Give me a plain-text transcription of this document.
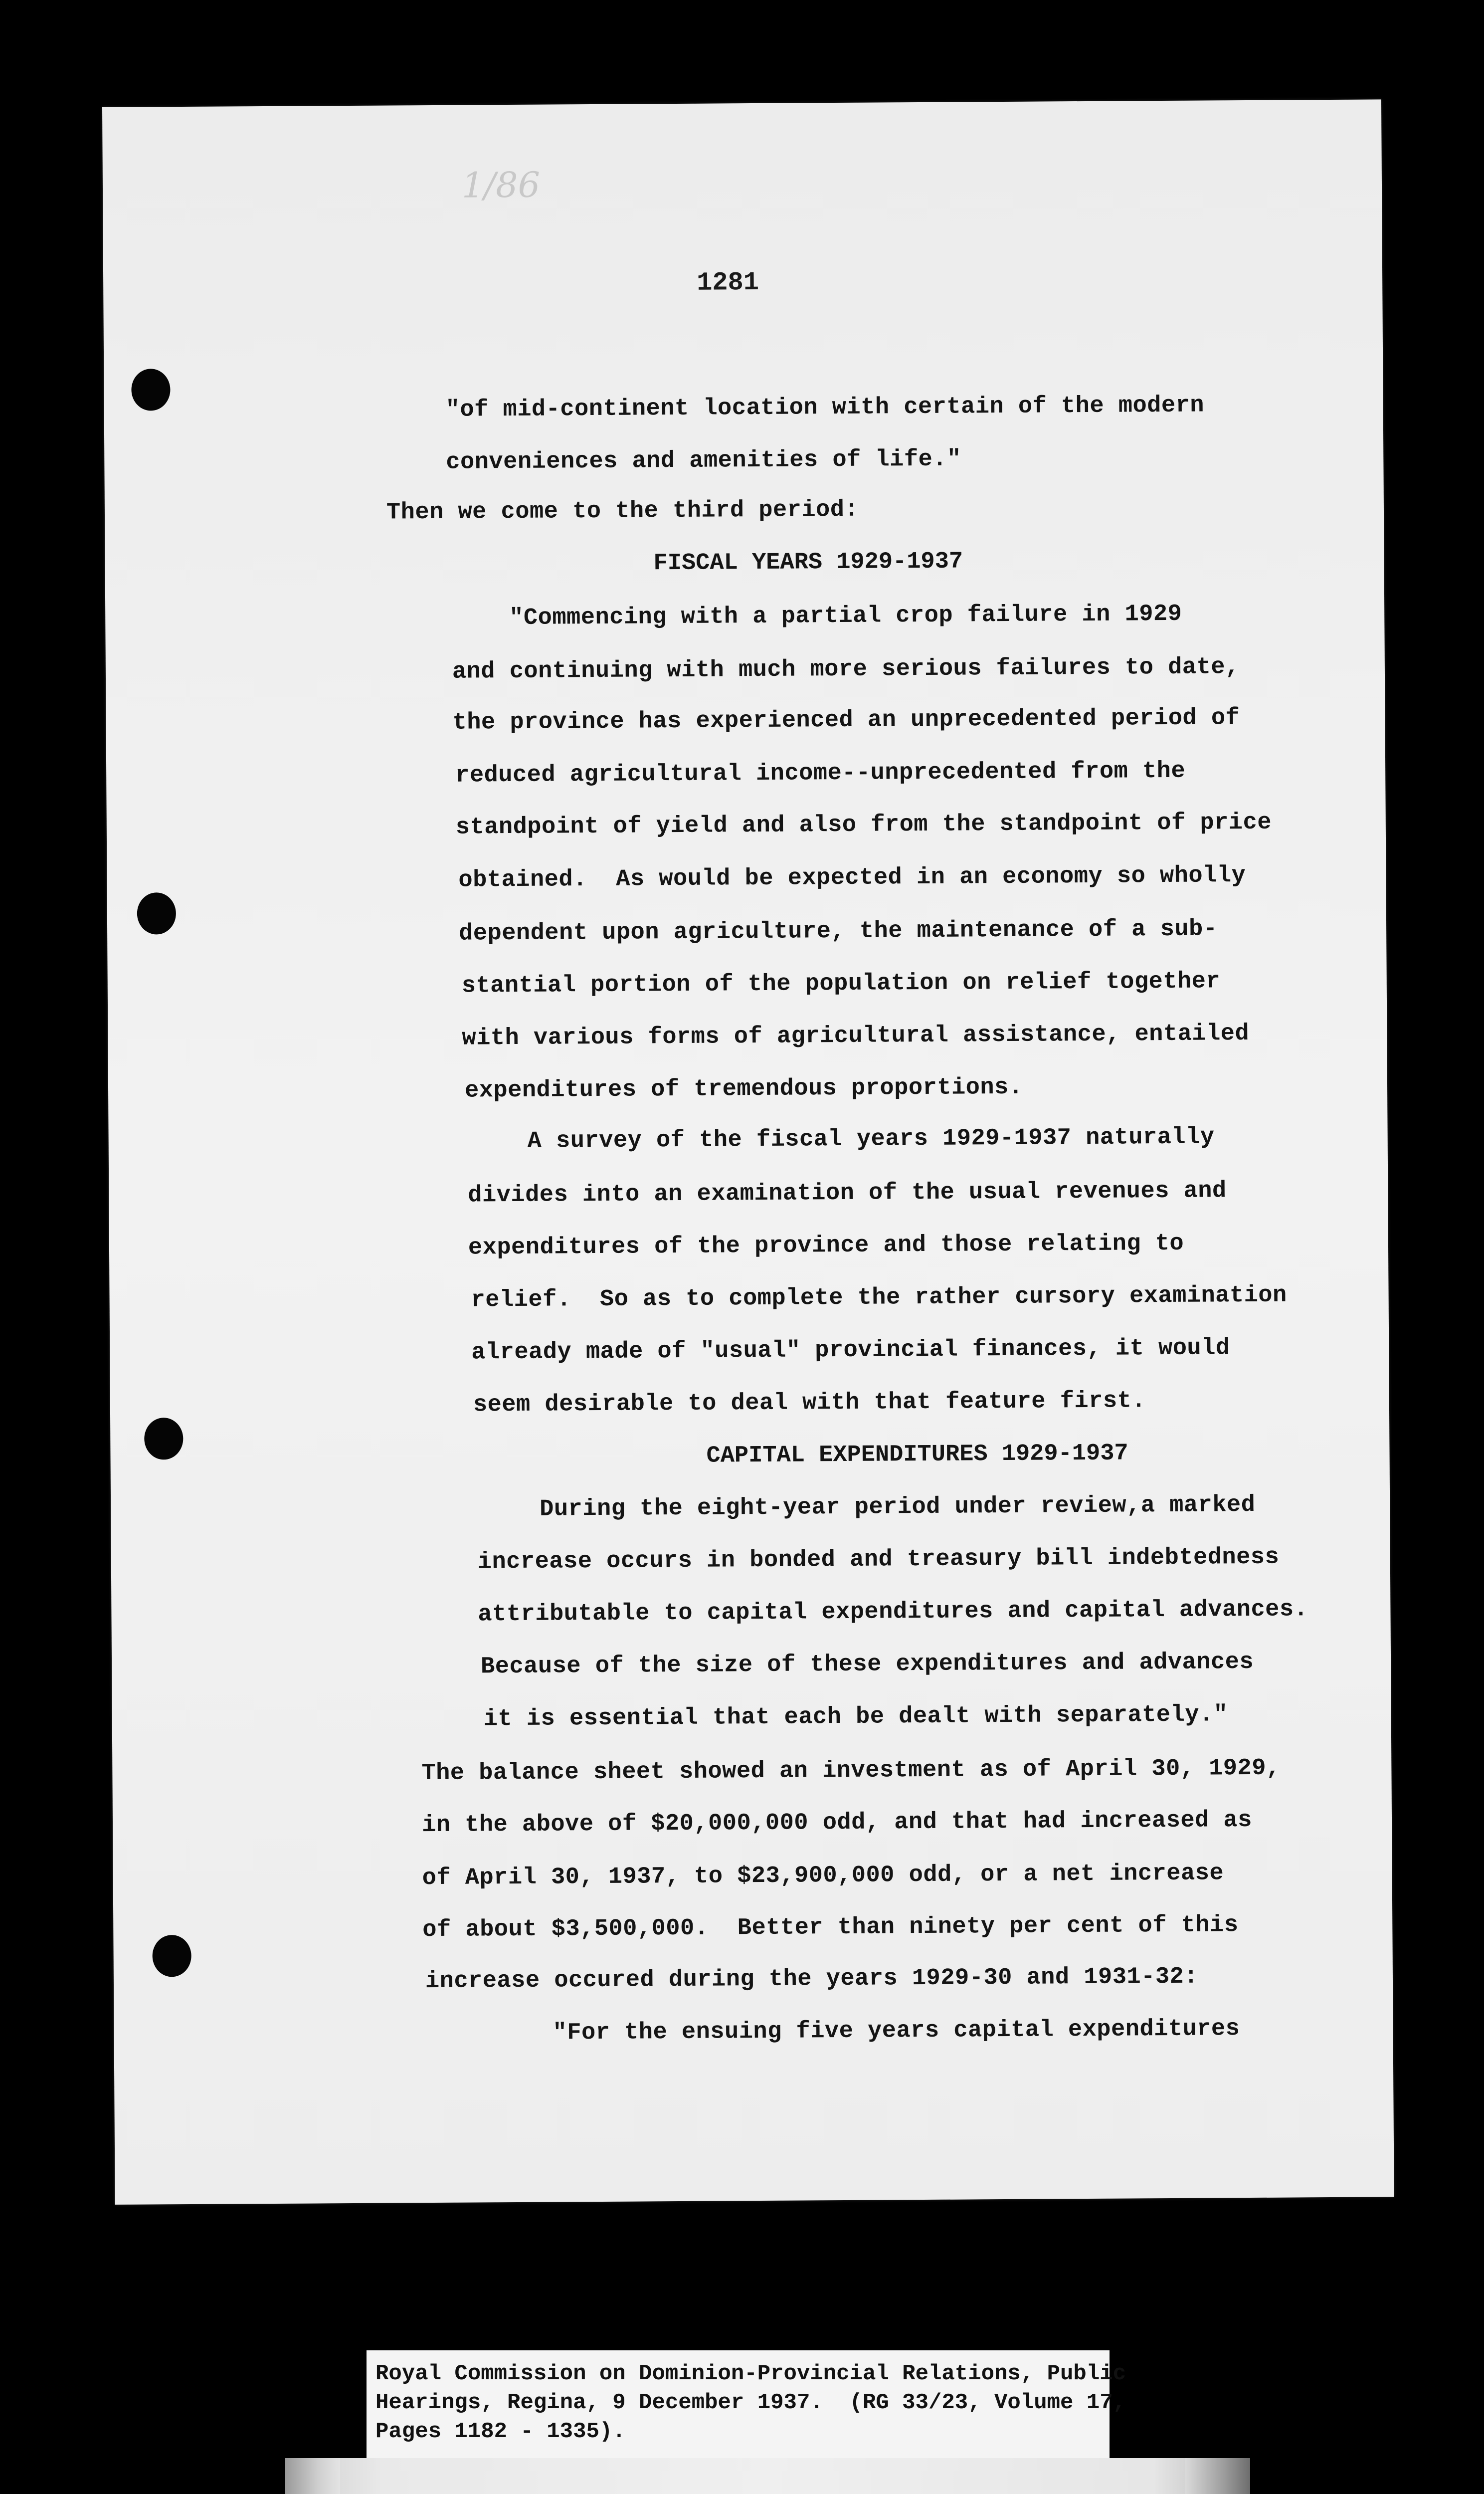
1/86
1281
"of mid-continent location with certain of the modern
conveniences and amenities of life."
Then we come to the third period:
FISCAL YEARS 1929-1937
"Commencing with a partial crop failure in 1929
and continuing with much more serious failures to date,
the province has experienced an unprecedented period of
reduced agricultural income--unprecedented from the
standpoint of yield and also from the standpoint of price
obtained.  As would be expected in an economy so wholly
dependent upon agriculture, the maintenance of a sub-
stantial portion of the population on relief together
with various forms of agricultural assistance, entailed
expenditures of tremendous proportions.
A survey of the fiscal years 1929-1937 naturally
divides into an examination of the usual revenues and
expenditures of the province and those relating to
relief.  So as to complete the rather cursory examination
already made of "usual" provincial finances, it would
seem desirable to deal with that feature first.
CAPITAL EXPENDITURES 1929-1937
During the eight-year period under review,a marked
increase occurs in bonded and treasury bill indebtedness
attributable to capital expenditures and capital advances.
Because of the size of these expenditures and advances
it is essential that each be dealt with separately."
The balance sheet showed an investment as of April 30, 1929,
in the above of $20,000,000 odd, and that had increased as
of April 30, 1937, to $23,900,000 odd, or a net increase
of about $3,500,000.  Better than ninety per cent of this
increase occured during the years 1929-30 and 1931-32:
"For the ensuing five years capital expenditures
Royal Commission on Dominion-Provincial Relations, Public
Hearings, Regina, 9 December 1937.  (RG 33/23, Volume 17,
Pages 1182 - 1335).
